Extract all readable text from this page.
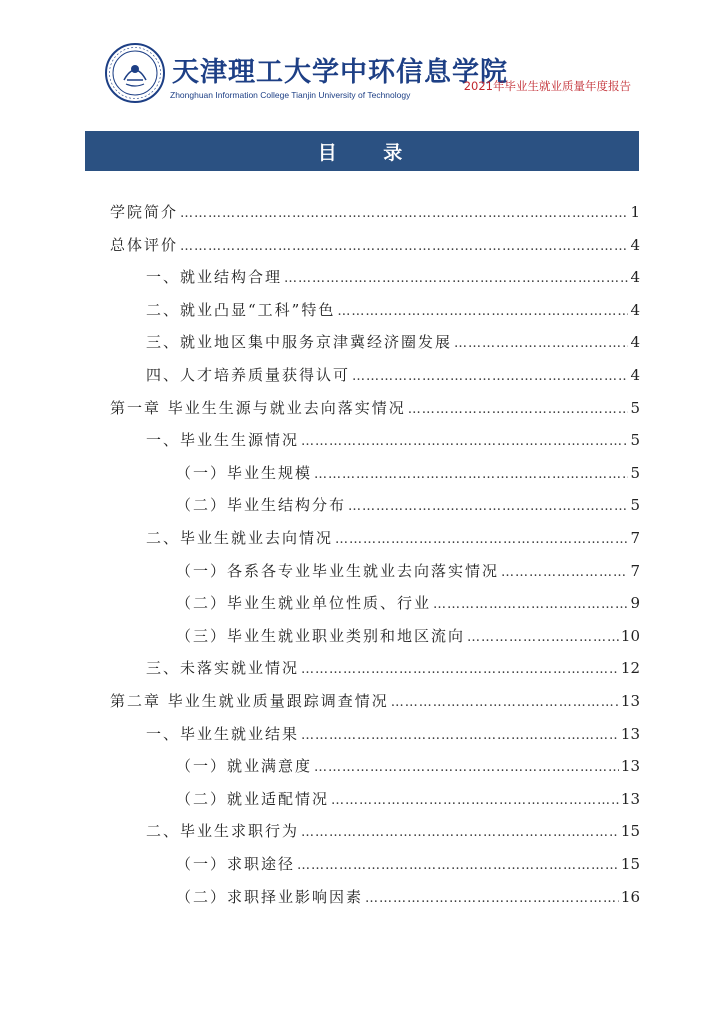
天津理工大学中环信息学院
Zhonghuan Information College Tianjin University of Technology
2021年毕业生就业质量年度报告
目    录
学院简介 …………………………………………………………………………………………………………………………………………………………………	1
总体评价 …………………………………………………………………………………………………………………………………………………………………	4
一、就业结构合理 …………………………………………………………………………………………………………………………………………………………………	4
二、就业凸显“工科”特色 …………………………………………………………………………………………………………………………………………………………………	4
三、就业地区集中服务京津冀经济圈发展 …………………………………………………………………………………………………………………………………………………………………	4
四、人才培养质量获得认可 …………………………………………………………………………………………………………………………………………………………………	4
第一章 毕业生生源与就业去向落实情况 …………………………………………………………………………………………………………………………………………………………………	5
一、毕业生生源情况 …………………………………………………………………………………………………………………………………………………………………	5
（一）毕业生规模 …………………………………………………………………………………………………………………………………………………………………	5
（二）毕业生结构分布 …………………………………………………………………………………………………………………………………………………………………	5
二、毕业生就业去向情况 …………………………………………………………………………………………………………………………………………………………………	7
（一）各系各专业毕业生就业去向落实情况 …………………………………………………………………………………………………………………………………………………………………	7
（二）毕业生就业单位性质、行业 …………………………………………………………………………………………………………………………………………………………………	9
（三）毕业生就业职业类别和地区流向 …………………………………………………………………………………………………………………………………………………………………	10
三、未落实就业情况 …………………………………………………………………………………………………………………………………………………………………	12
第二章 毕业生就业质量跟踪调查情况 …………………………………………………………………………………………………………………………………………………………………	13
一、毕业生就业结果 …………………………………………………………………………………………………………………………………………………………………	13
（一）就业满意度 …………………………………………………………………………………………………………………………………………………………………	13
（二）就业适配情况 …………………………………………………………………………………………………………………………………………………………………	13
二、毕业生求职行为 …………………………………………………………………………………………………………………………………………………………………	15
（一）求职途径 …………………………………………………………………………………………………………………………………………………………………	15
（二）求职择业影响因素 …………………………………………………………………………………………………………………………………………………………………	16
